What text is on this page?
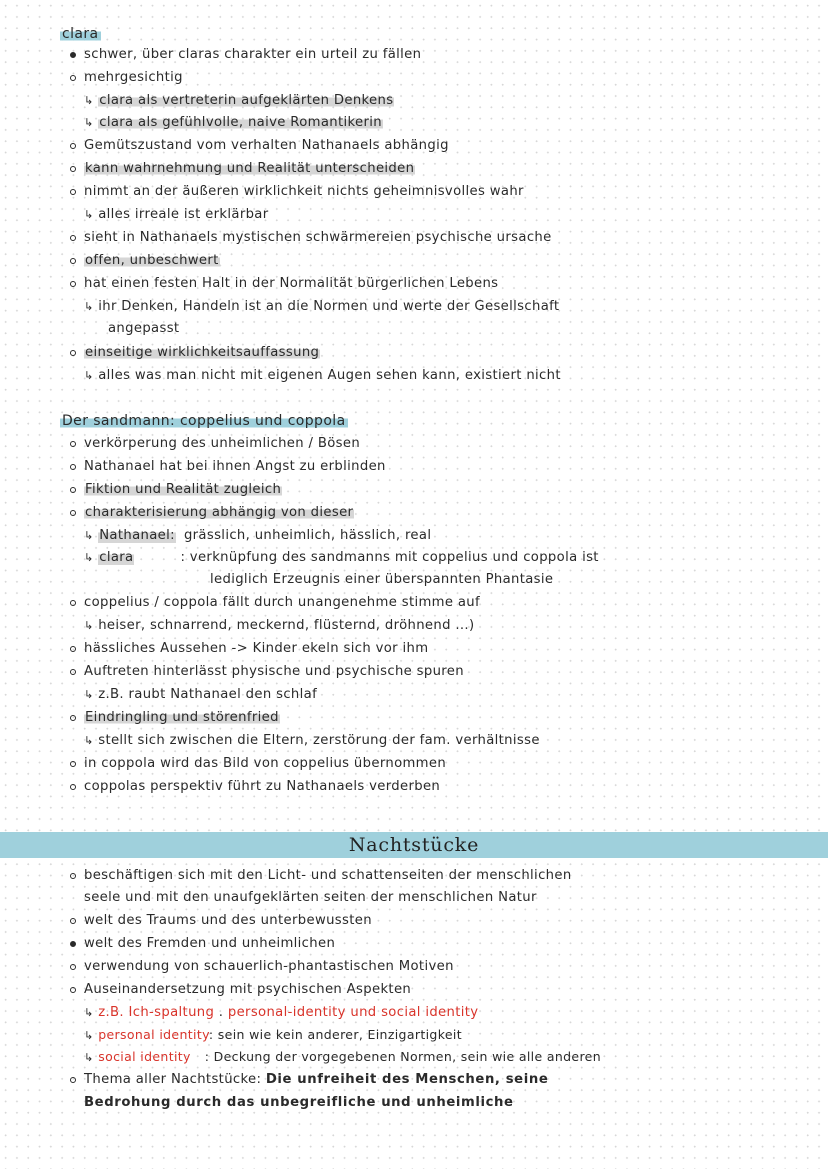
clara
schwer, über claras charakter ein urteil zu fällen
mehrgesichtig
↳ clara als vertreterin aufgeklärten Denkens
↳ clara als gefühlvolle, naive Romantikerin
Gemütszustand vom verhalten Nathanaels abhängig
kann wahrnehmung und Realität unterscheiden
nimmt an der äußeren wirklichkeit nichts geheimnisvolles wahr
↳ alles irreale ist erklärbar
sieht in Nathanaels mystischen schwärmereien psychische ursache
offen, unbeschwert
hat einen festen Halt in der Normalität bürgerlichen Lebens
↳ ihr Denken, Handeln ist an die Normen und werte der Gesellschaft
angepasst
einseitige wirklichkeitsauffassung
↳ alles was man nicht mit eigenen Augen sehen kann, existiert nicht
Der sandmann: coppelius und coppola
verkörperung des unheimlichen / Bösen
Nathanael hat bei ihnen Angst zu erblinden
Fiktion und Realität zugleich
charakterisierung abhängig von dieser
↳ Nathanael: grässlich, unheimlich, hässlich, real
↳ clara	: verknüpfung des sandmanns mit coppelius und coppola ist
lediglich Erzeugnis einer überspannten Phantasie
coppelius / coppola fällt durch unangenehme stimme auf
↳ heiser, schnarrend, meckernd, flüsternd, dröhnend ...)
hässliches Aussehen -> Kinder ekeln sich vor ihm
Auftreten hinterlässt physische und psychische spuren
↳ z.B. raubt Nathanael den schlaf
Eindringling und störenfried
↳ stellt sich zwischen die Eltern, zerstörung der fam. verhältnisse
in coppola wird das Bild von coppelius übernommen
coppolas perspektiv führt zu Nathanaels verderben
Nachtstücke
beschäftigen sich mit den Licht- und schattenseiten der menschlichen
seele und mit den unaufgeklärten seiten der menschlichen Natur
welt des Traums und des unterbewussten
welt des Fremden und unheimlichen
verwendung von schauerlich-phantastischen Motiven
Auseinandersetzung mit psychischen Aspekten
↳ z.B. Ich-spaltung . personal-identity und social identity
↳ personal identity: sein wie kein anderer, Einzigartigkeit
↳ social identity : Deckung der vorgegebenen Normen, sein wie alle anderen
Thema aller Nachtstücke: Die unfreiheit des Menschen, seine
Bedrohung durch das unbegreifliche und unheimliche
